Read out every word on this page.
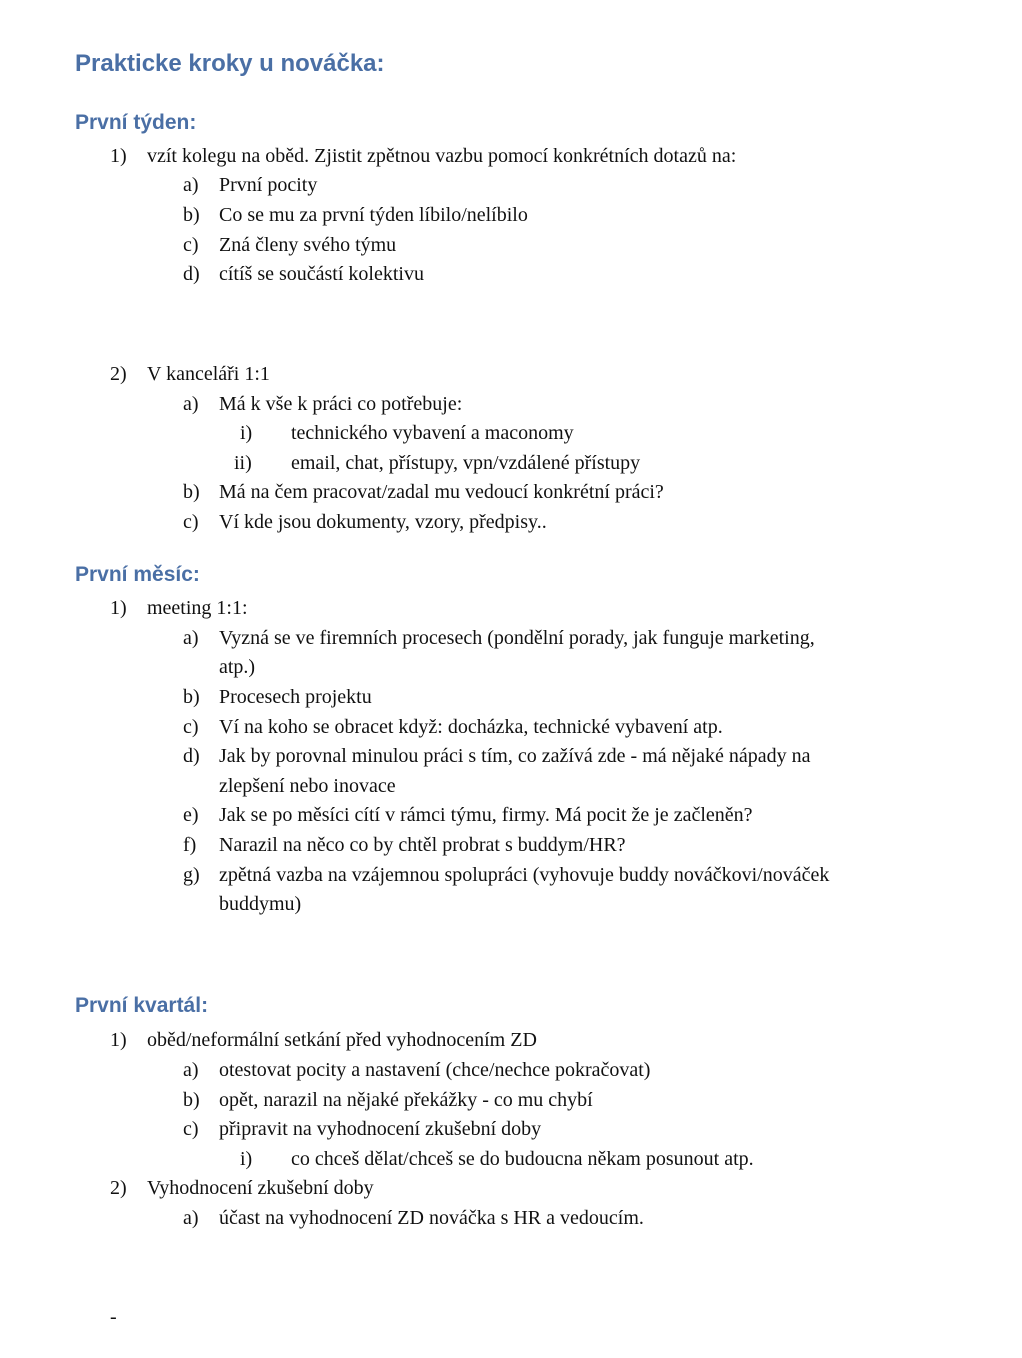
Prakticke kroky u nováčka:
První týden:

1) vzít kolegu na oběd. Zjistit zpětnou vazbu pomocí konkrétních dotazů na:

a) První pocity

b) Co se mu za první týden líbilo/nelíbilo

c) Zná členy svého týmu

d) cítíš se součástí kolektivu

2) V kanceláři 1:1

a) Má k vše k práci co potřebuje:

i) technického vybavení a maconomy

ii) email, chat, přístupy, vpn/vzdálené přístupy

b) Má na čem pracovat/zadal mu vedoucí konkrétní práci?

c) Ví kde jsou dokumenty, vzory, předpisy..

První měsíc:

1) meeting 1:1:

a) Vyzná se ve firemních procesech (pondělní porady, jak funguje marketing,

atp.)

b) Procesech projektu

c) Ví na koho se obracet když: docházka, technické vybavení atp.

d) Jak by porovnal minulou práci s tím, co zažívá zde - má nějaké nápady na

zlepšení nebo inovace

e) Jak se po měsíci cítí v rámci týmu, firmy. Má pocit že je začleněn?

f) Narazil na něco co by chtěl probrat s buddym/HR?

g) zpětná vazba na vzájemnou spolupráci (vyhovuje buddy nováčkovi/nováček

buddymu)

První kvartál:

1) oběd/neformální setkání před vyhodnocením ZD

a) otestovat pocity a nastavení (chce/nechce pokračovat)

b) opět, narazil na nějaké překážky - co mu chybí

c) připravit na vyhodnocení zkušební doby

i) co chceš dělat/chceš se do budoucna někam posunout atp.

2) Vyhodnocení zkušební doby

a) účast na vyhodnocení ZD nováčka s HR a vedoucím.

-
